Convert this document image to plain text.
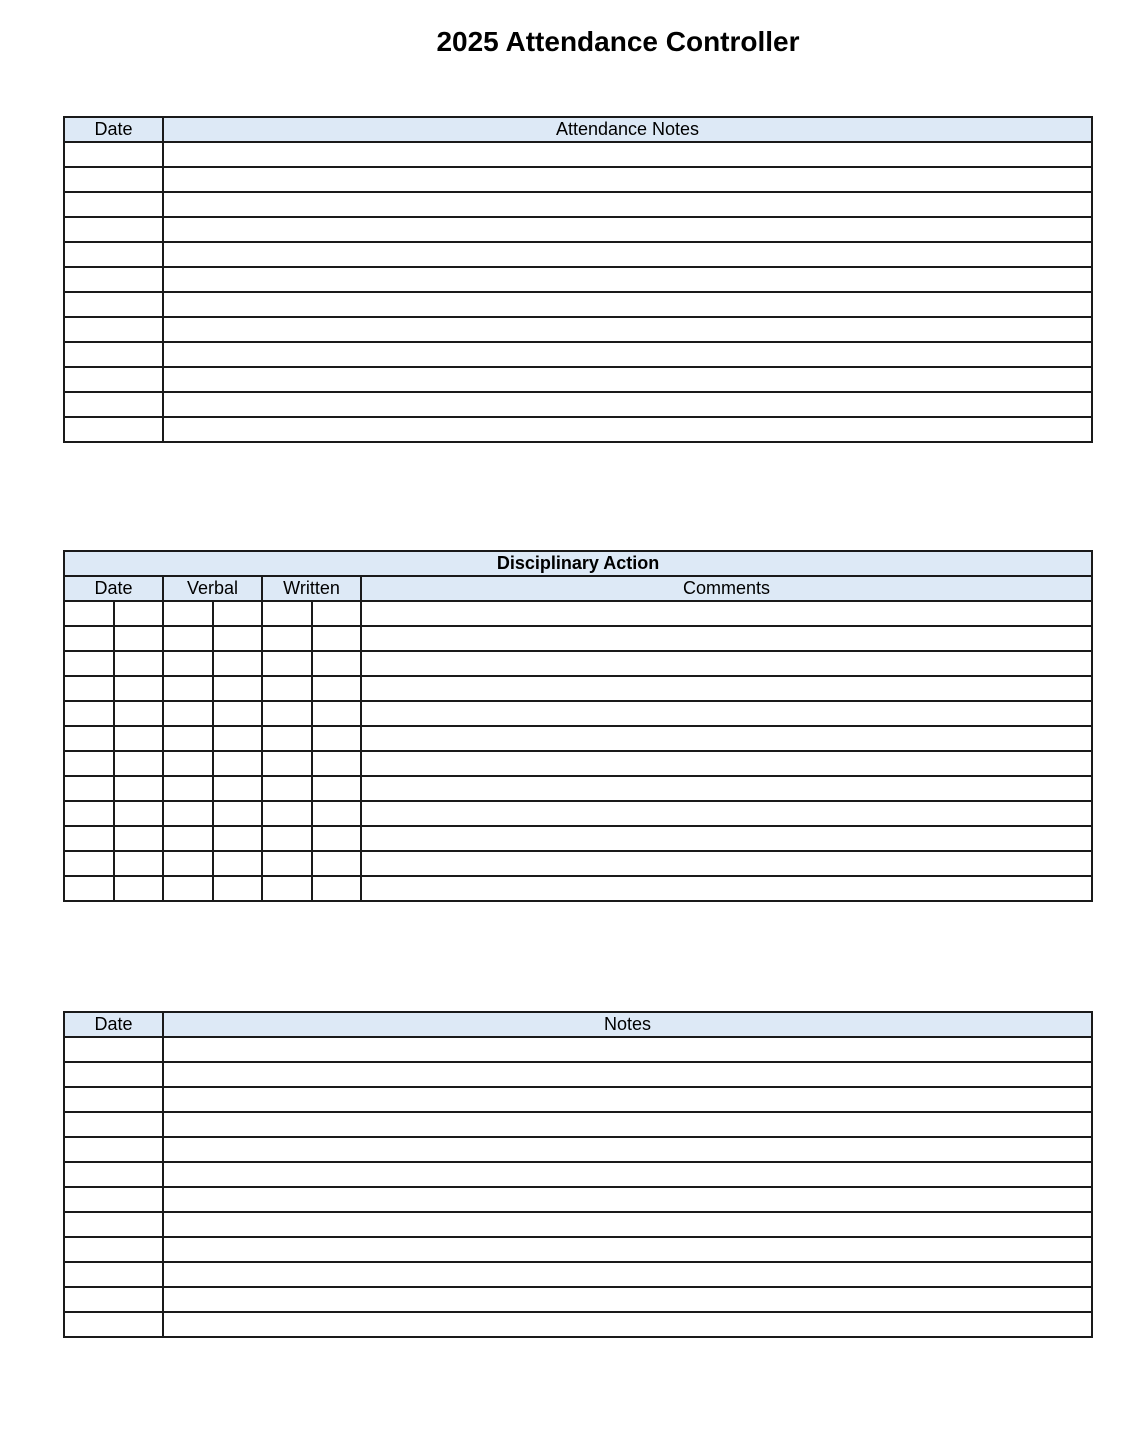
2025 Attendance Controller
Date	Attendance Notes

Disciplinary Action						
Date		Verbal		Written		Comments

Date	Notes
